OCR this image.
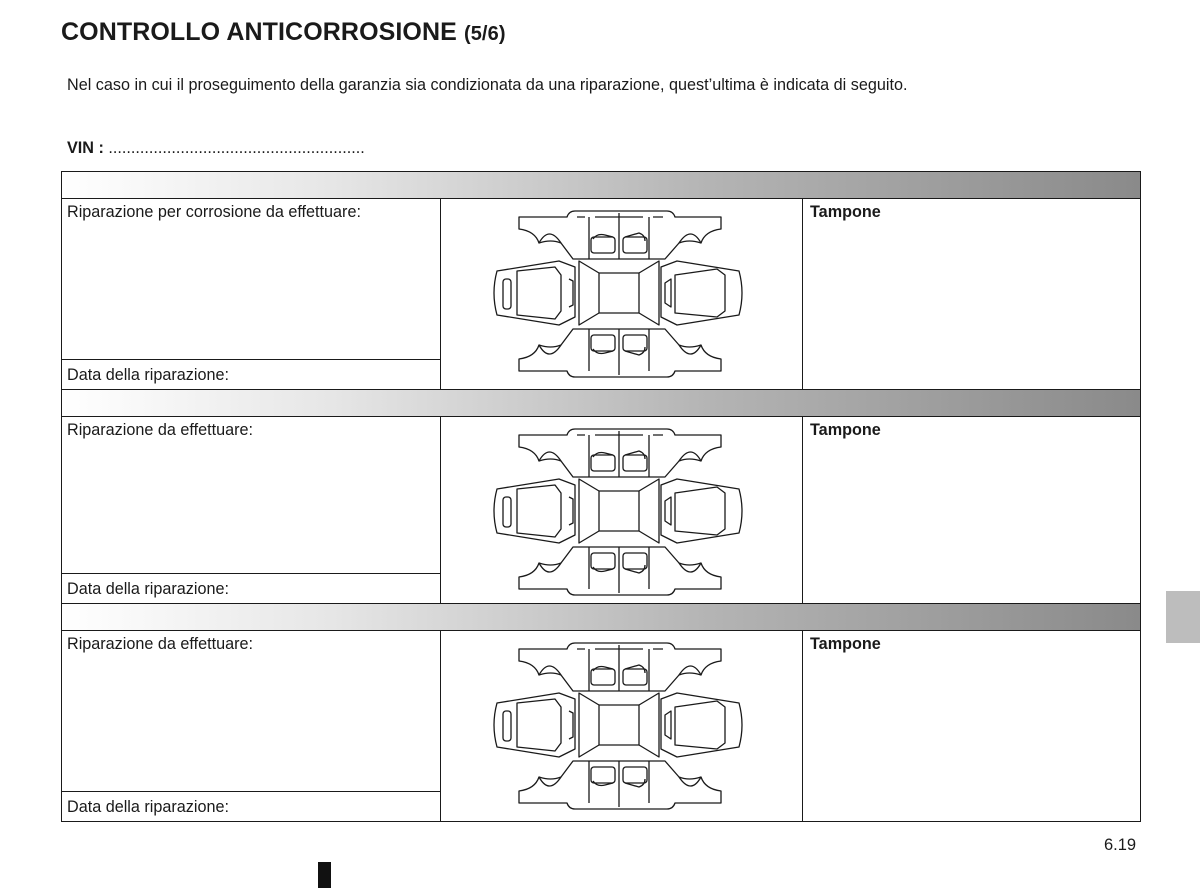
CONTROLLO ANTICORROSIONE (5/6)
Nel caso in cui il proseguimento della garanzia sia condizionata da una riparazione, quest’ultima è indicata di seguito.
VIN : .........................................................
Riparazione per corrosione da effettuare:
Data della riparazione:
Tampone
Riparazione da effettuare:
Data della riparazione:
Tampone
Riparazione da effettuare:
Data della riparazione:
Tampone
6.19
